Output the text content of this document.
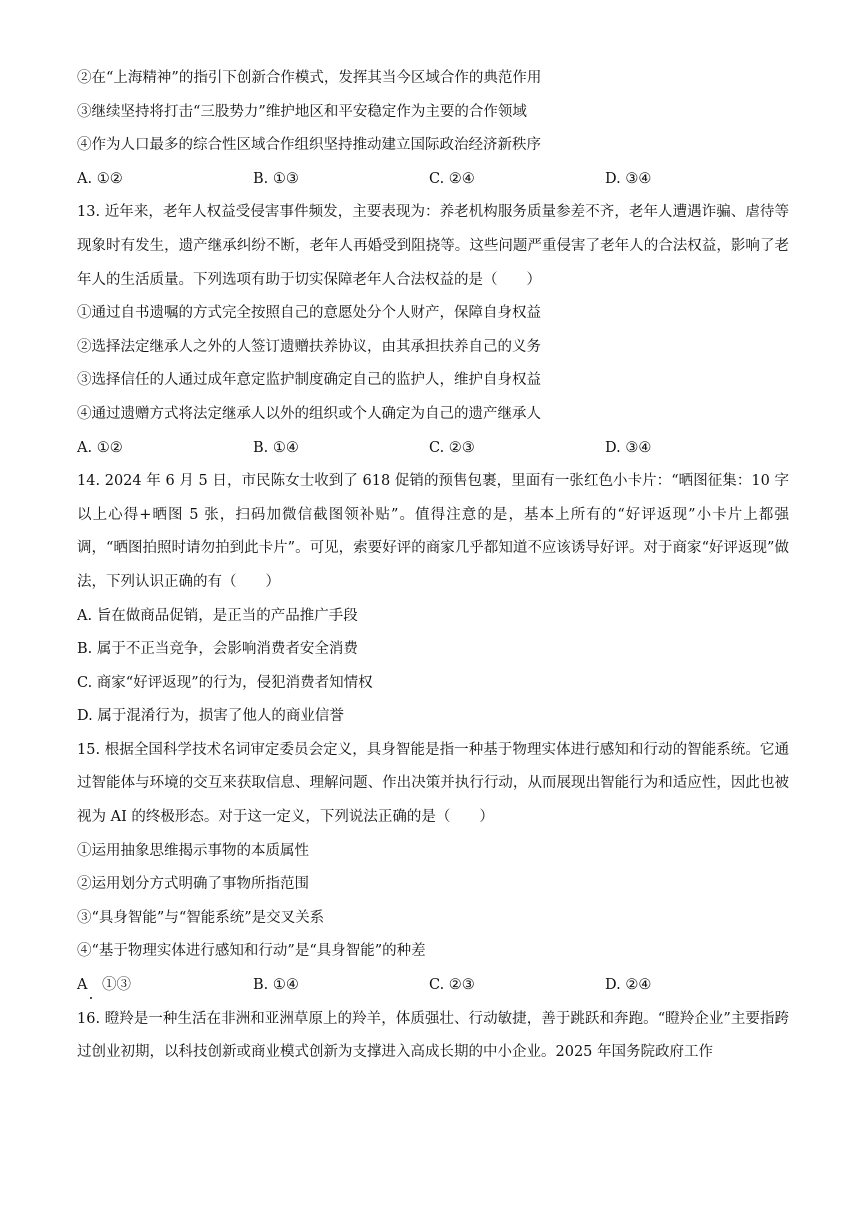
②在“上海精神”的指引下创新合作模式，发挥其当今区域合作的典范作用
③继续坚持将打击“三股势力”维护地区和平安稳定作为主要的合作领域
④作为人口最多的综合性区域合作组织坚持推动建立国际政治经济新秩序
A. ①②	B. ①③	C. ②④	D. ③④
13. 近年来，老年人权益受侵害事件频发，主要表现为：养老机构服务质量参差不齐，老年人遭遇诈骗、虐待等现象时有发生，遗产继承纠纷不断，老年人再婚受到阻挠等。这些问题严重侵害了老年人的合法权益，影响了老年人的生活质量。下列选项有助于切实保障老年人合法权益的是（　　）
①通过自书遗嘱的方式完全按照自己的意愿处分个人财产，保障自身权益
②选择法定继承人之外的人签订遗赠扶养协议，由其承担扶养自己的义务
③选择信任的人通过成年意定监护制度确定自己的监护人，维护自身权益
④通过遗赠方式将法定继承人以外的组织或个人确定为自己的遗产继承人
A. ①②	B. ①④	C. ②③	D. ③④
14. 2024 年 6 月 5 日，市民陈女士收到了 618 促销的预售包裹，里面有一张红色小卡片：“晒图征集：10 字以上心得+晒图 5 张，扫码加微信截图领补贴”。值得注意的是，基本上所有的“好评返现”小卡片上都强调，“晒图拍照时请勿拍到此卡片”。可见，索要好评的商家几乎都知道不应该诱导好评。对于商家“好评返现”做法，下列认识正确的有（　　）
A. 旨在做商品促销，是正当的产品推广手段
B. 属于不正当竞争，会影响消费者安全消费
C. 商家“好评返现”的行为，侵犯消费者知情权
D. 属于混淆行为，损害了他人的商业信誉
15. 根据全国科学技术名词审定委员会定义，具身智能是指一种基于物理实体进行感知和行动的智能系统。它通过智能体与环境的交互来获取信息、理解问题、作出决策并执行行动，从而展现出智能行为和适应性，因此也被视为 AI 的终极形态。对于这一定义，下列说法正确的是（　　）
①运用抽象思维揭示事物的本质属性
②运用划分方式明确了事物所指范围
③“具身智能”与“智能系统”是交叉关系
④“基于物理实体进行感知和行动”是“具身智能”的种差
A　①③	B. ①④	C. ②③	D. ②④
16. 瞪羚是一种生活在非洲和亚洲草原上的羚羊，体质强壮、行动敏捷，善于跳跃和奔跑。“瞪羚企业”主要指跨过创业初期，以科技创新或商业模式创新为支撑进入高成长期的中小企业。2025 年国务院政府工作
